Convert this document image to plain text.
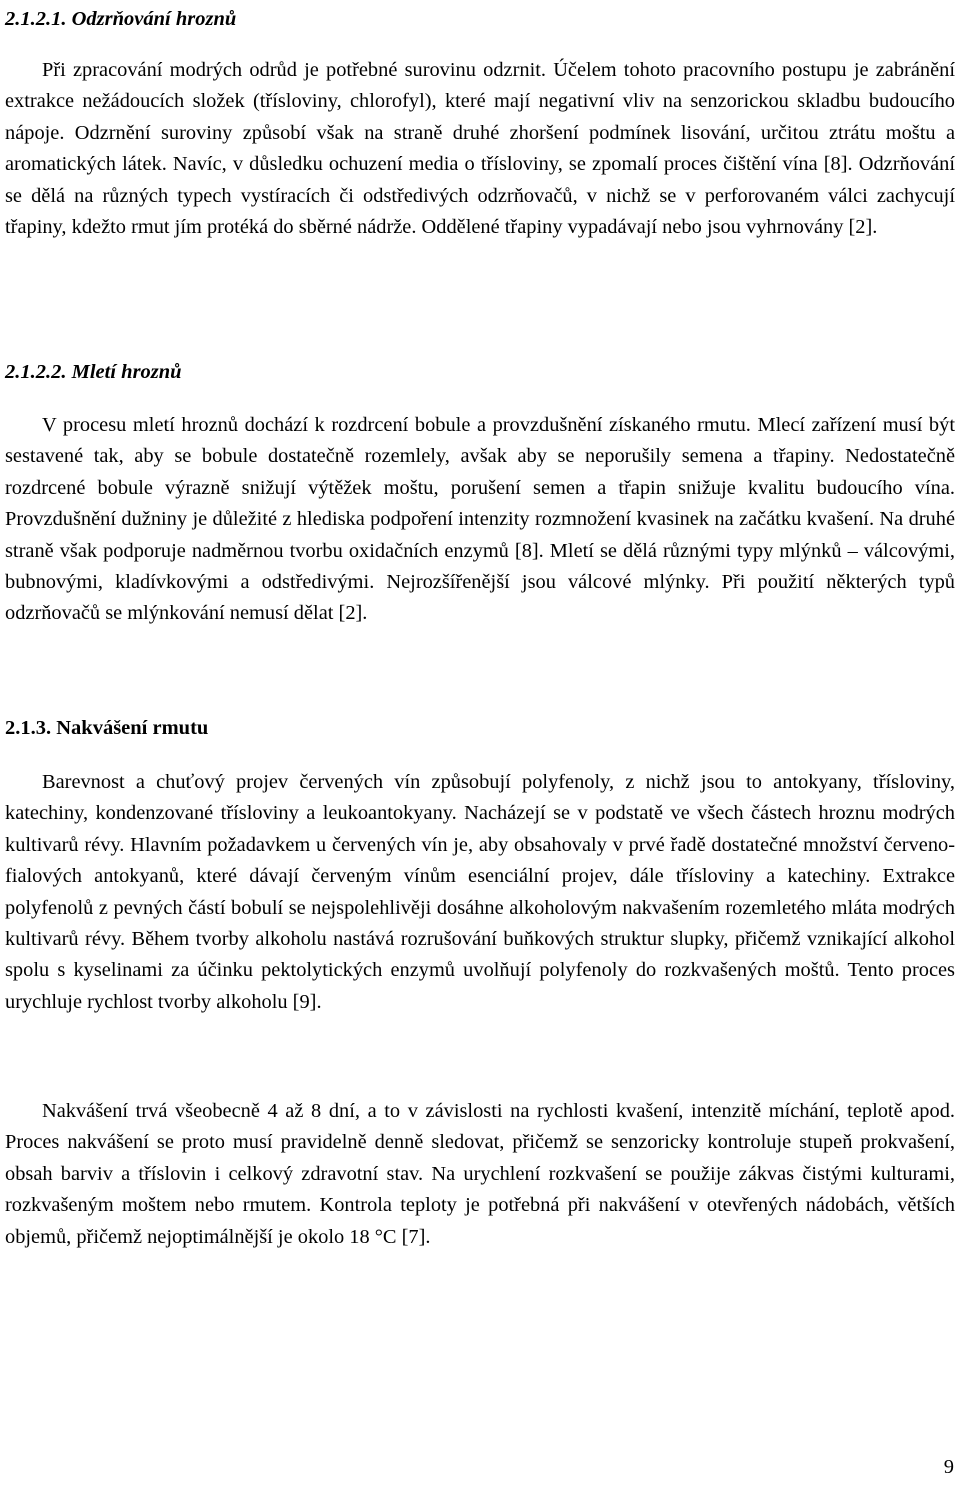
2.1.2.1. Odzrňování hroznů

Při zpracování modrých odrůd je potřebné surovinu odzrnit. Účelem tohoto pracovního postupu je zabránění extrakce nežádoucích složek (třísloviny, chlorofyl), které mají negativní vliv na senzorickou skladbu budoucího nápoje. Odzrnění suroviny způsobí však na straně druhé zhoršení podmínek lisování, určitou ztrátu moštu a aromatických látek. Navíc, v důsledku ochuzení media o třísloviny, se zpomalí proces čištění vína [8]. Odzrňování se dělá na různých typech vystíracích či odstředivých odzrňovačů, v nichž se v perforovaném válci zachycují třapiny, kdežto rmut jím protéká do sběrné nádrže. Oddělené třapiny vypadávají nebo jsou vyhrnovány [2].

2.1.2.2. Mletí hroznů

V procesu mletí hroznů dochází k rozdrcení bobule a provzdušnění získaného rmutu. Mlecí zařízení musí být sestavené tak, aby se bobule dostatečně rozemlely, avšak aby se neporušily semena a třapiny. Nedostatečně rozdrcené bobule výrazně snižují výtěžek moštu, porušení semen a třapin snižuje kvalitu budoucího vína. Provzdušnění dužniny je důležité z hlediska podpoření intenzity rozmnožení kvasinek na začátku kvašení. Na druhé straně však podporuje nadměrnou tvorbu oxidačních enzymů [8]. Mletí se dělá různými typy mlýnků – válcovými, bubnovými, kladívkovými a odstředivými. Nejrozšířenější jsou válcové mlýnky. Při použití některých typů odzrňovačů se mlýnkování nemusí dělat [2].

2.1.3. Nakvášení rmutu

Barevnost a chuťový projev červených vín způsobují polyfenoly, z nichž jsou to antokyany, třísloviny, katechiny, kondenzované třísloviny a leukoantokyany. Nacházejí se v podstatě ve všech částech hroznu modrých kultivarů révy. Hlavním požadavkem u červených vín je, aby obsahovaly v prvé řadě dostatečné množství červeno-fialových antokyanů, které dávají červeným vínům esenciální projev, dále třísloviny a katechiny. Extrakce polyfenolů z pevných částí bobulí se nejspolehlivěji dosáhne alkoholovým nakvašením rozemletého mláta modrých kultivarů révy. Během tvorby alkoholu nastává rozrušování buňkových struktur slupky, přičemž vznikající alkohol spolu s kyselinami za účinku pektolytických enzymů uvolňují polyfenoly do rozkvašených moštů. Tento proces urychluje rychlost tvorby alkoholu [9].

Nakvášení trvá všeobecně 4 až 8 dní, a to v závislosti na rychlosti kvašení, intenzitě míchání, teplotě apod. Proces nakvášení se proto musí pravidelně denně sledovat, přičemž se senzoricky kontroluje stupeň prokvašení, obsah barviv a tříslovin i celkový zdravotní stav. Na urychlení rozkvašení se použije zákvas čistými kulturami, rozkvašeným moštem nebo rmutem. Kontrola teploty je potřebná při nakvášení v otevřených nádobách, větších objemů, přičemž nejoptimálnější je okolo 18 °C [7].

9
